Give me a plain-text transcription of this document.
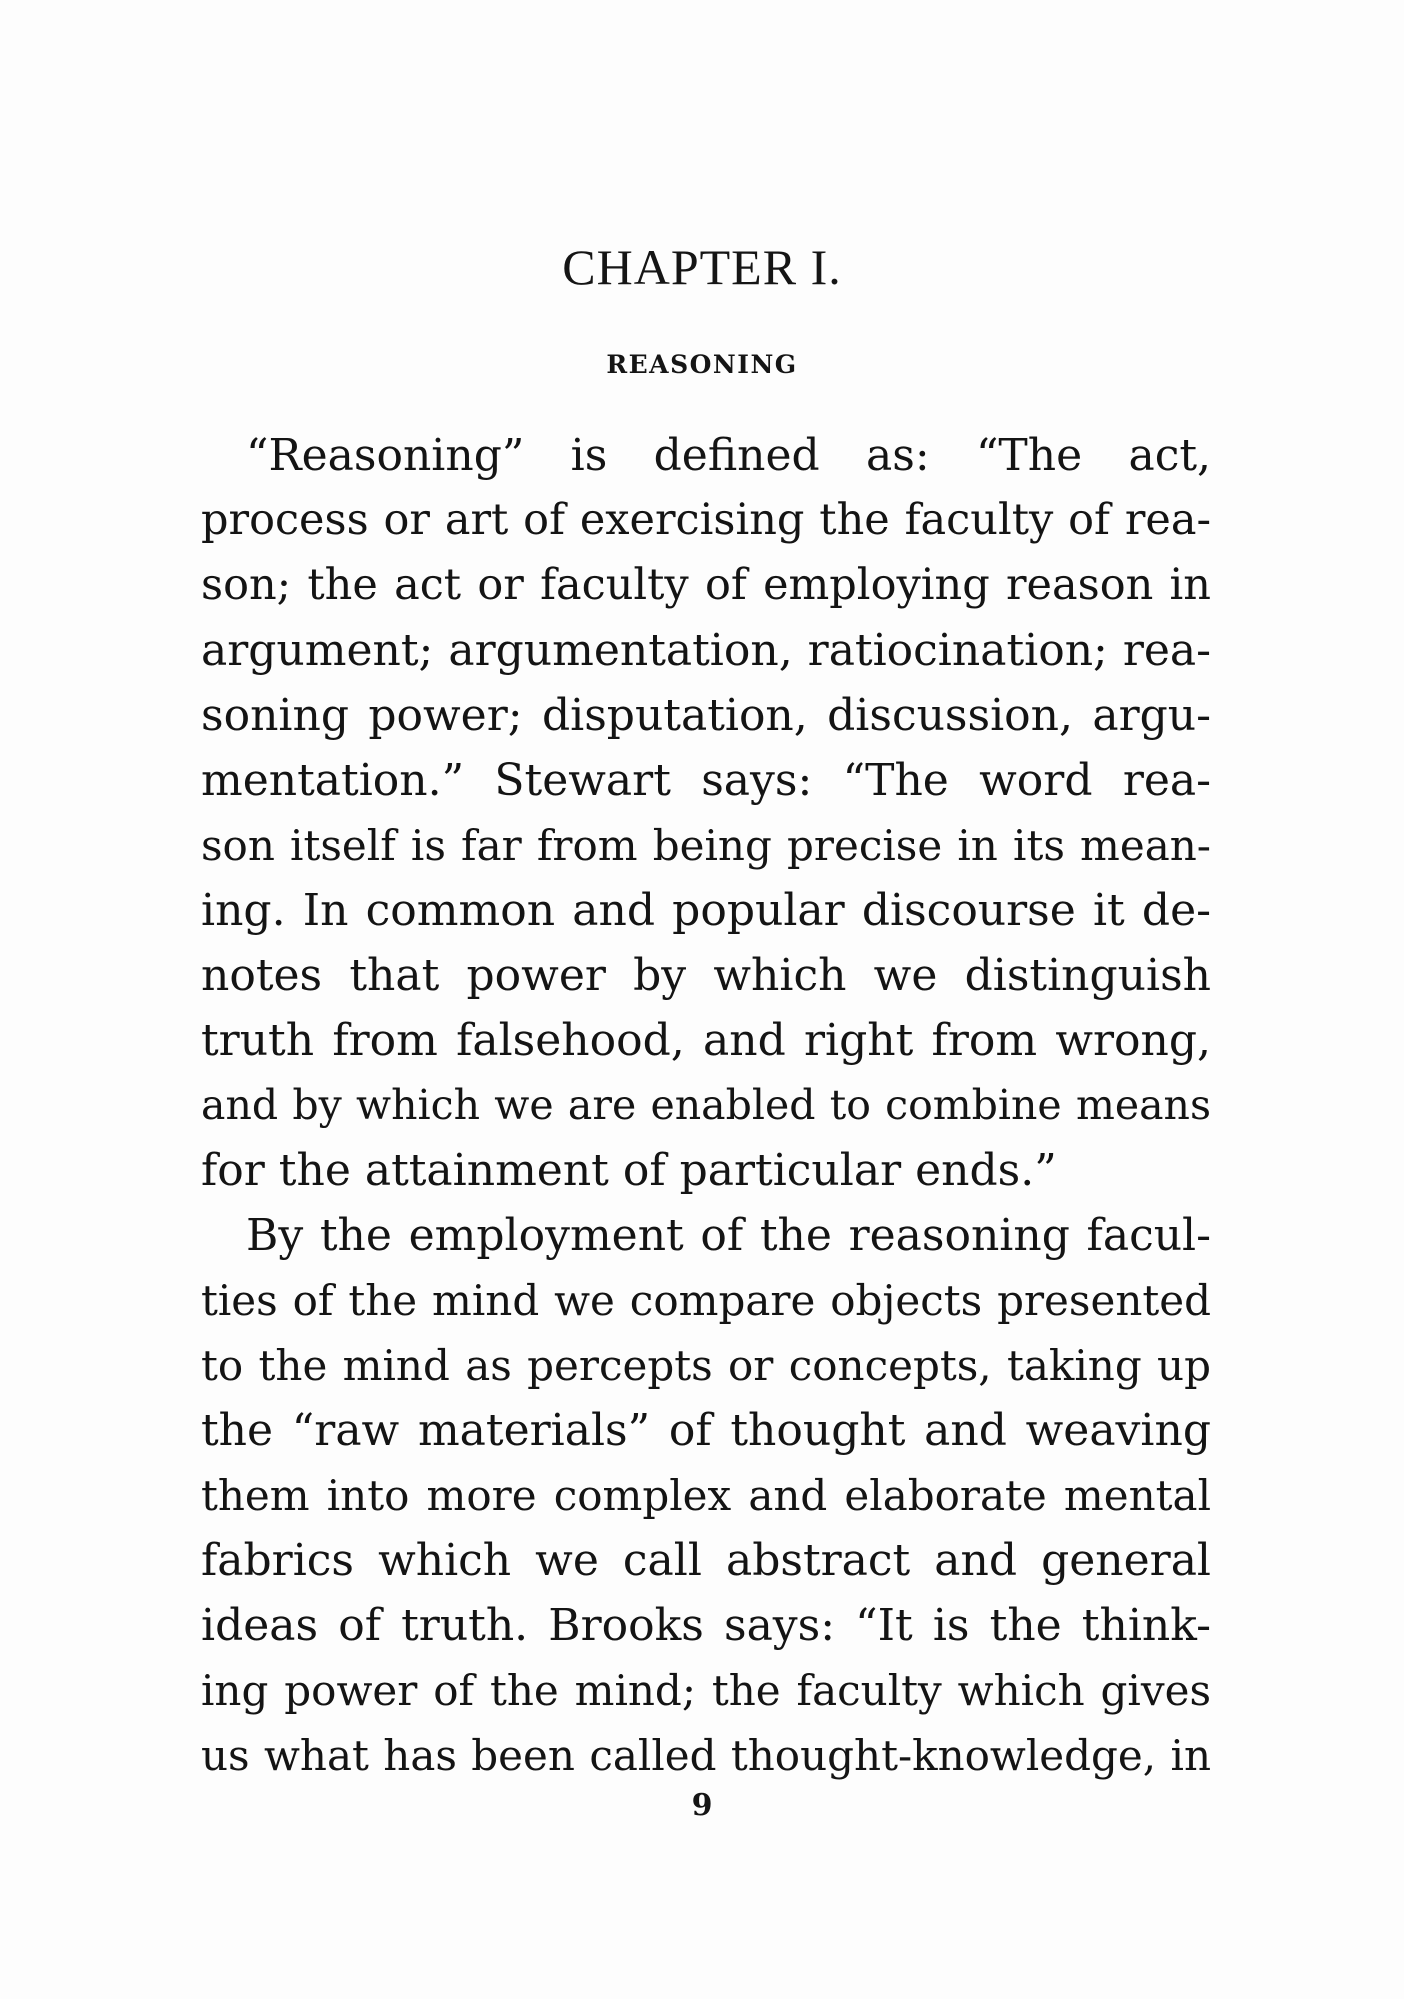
CHAPTER I.
REASONING
“Reasoning” is defined as: “The act,
process or art of exercising the faculty of rea-
son; the act or faculty of employing reason in
argument; argumentation, ratiocination; rea-
soning power; disputation, discussion, argu-
mentation.” Stewart says: “The word rea-
son itself is far from being precise in its mean-
ing. In common and popular discourse it de-
notes that power by which we distinguish
truth from falsehood, and right from wrong,
and by which we are enabled to combine means
for the attainment of particular ends.”
By the employment of the reasoning facul-
ties of the mind we compare objects presented
to the mind as percepts or concepts, taking up
the “raw materials” of thought and weaving
them into more complex and elaborate mental
fabrics which we call abstract and general
ideas of truth. Brooks says: “It is the think-
ing power of the mind; the faculty which gives
us what has been called thought-knowledge, in
9
